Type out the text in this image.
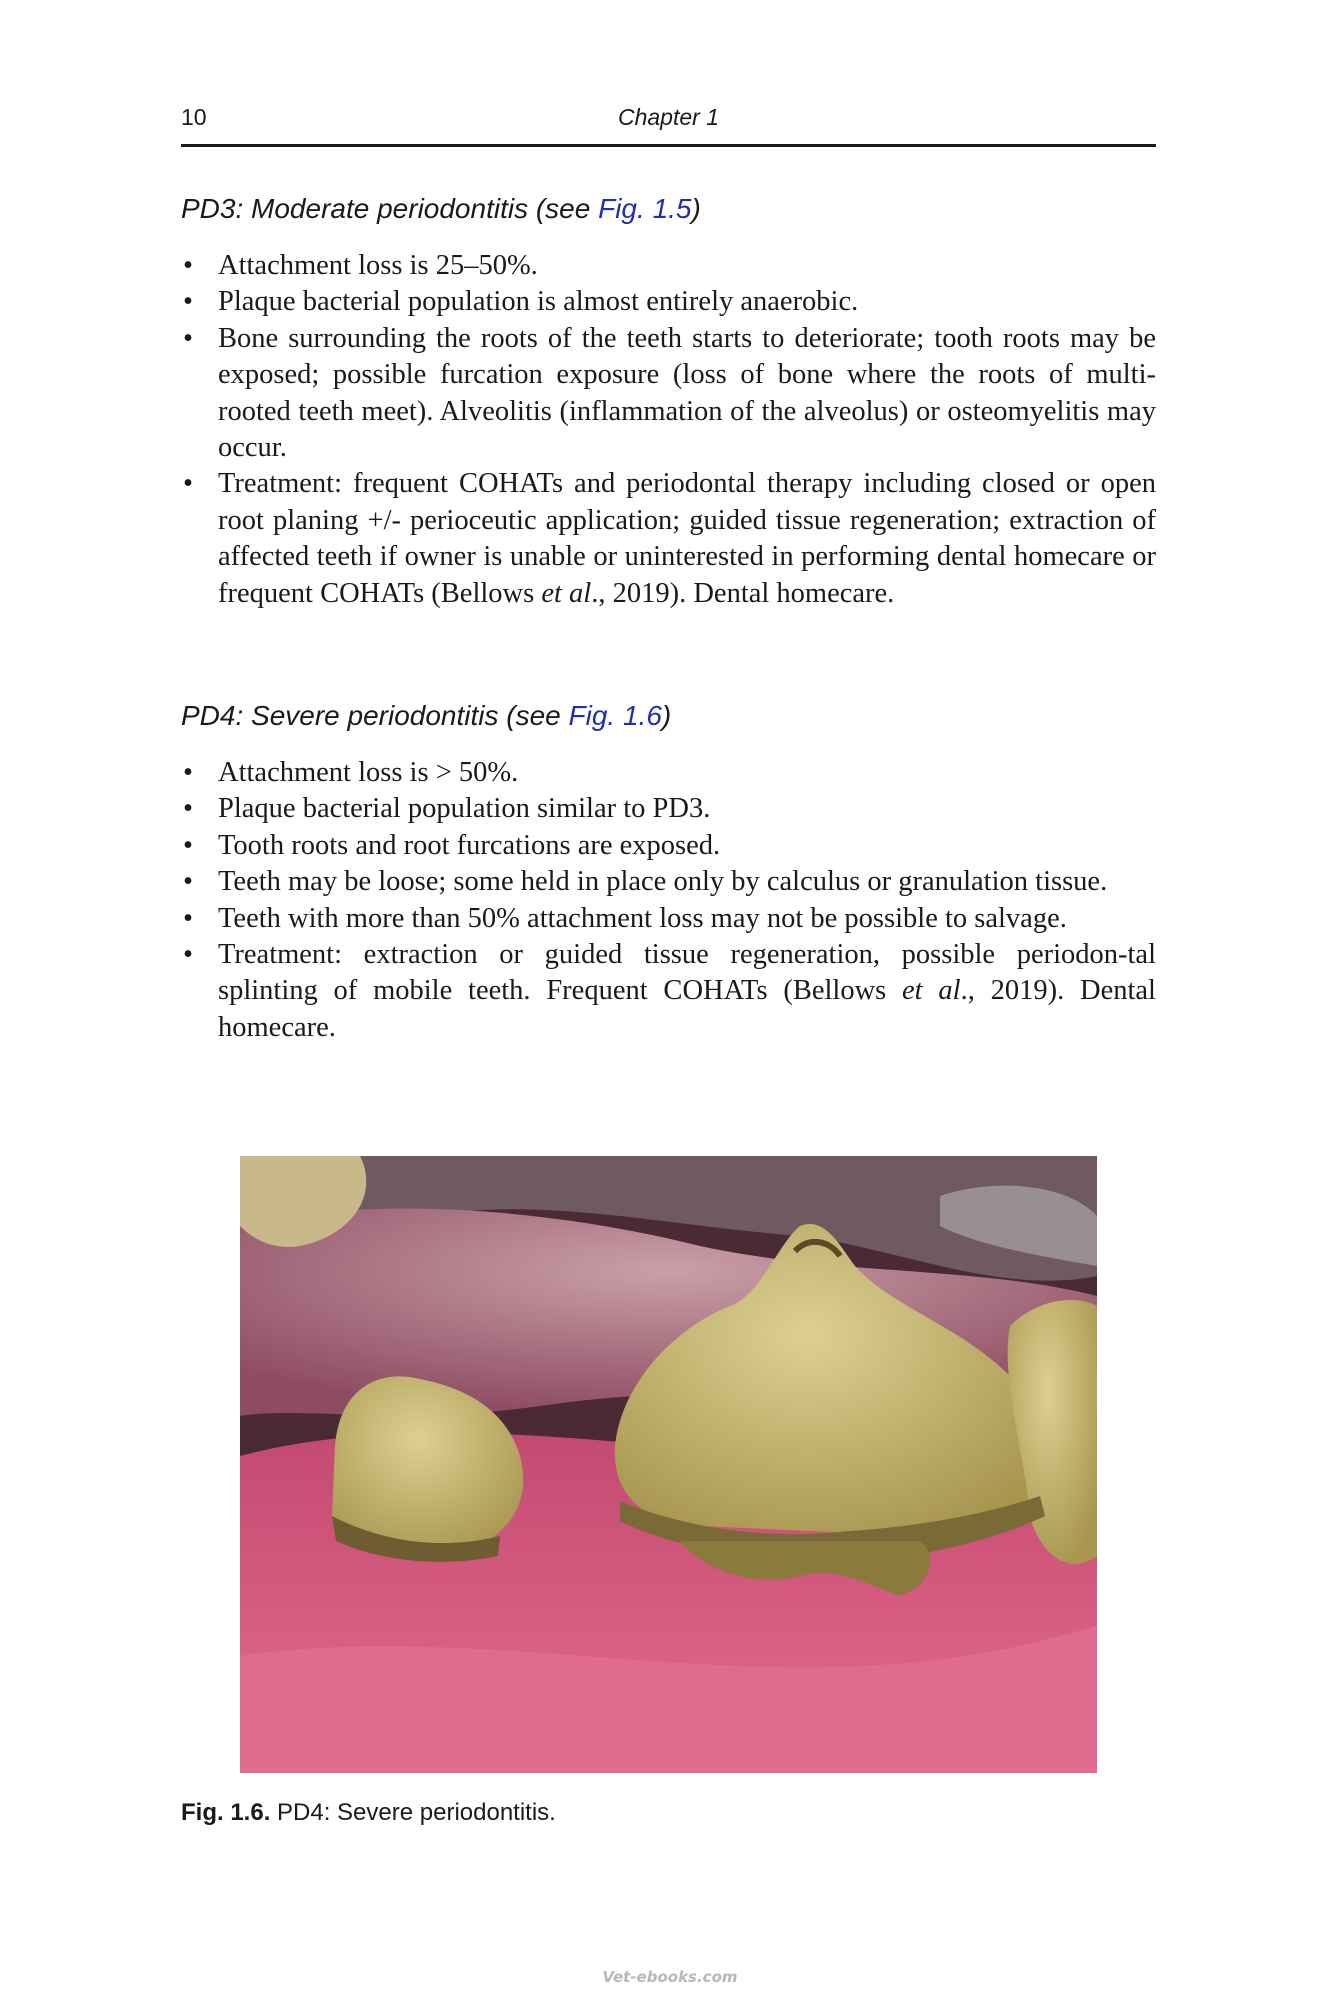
10	Chapter 1
PD3: Moderate periodontitis (see Fig. 1.5)
• Attachment loss is 25–50%.
• Plaque bacterial population is almost entirely anaerobic.
• Bone surrounding the roots of the teeth starts to deteriorate; tooth roots may be exposed; possible furcation exposure (loss of bone where the roots of multi-rooted teeth meet). Alveolitis (inflammation of the alveolus) or osteomyelitis may occur.
• Treatment: frequent COHATs and periodontal therapy including closed or open root planing +/- perioceutic application; guided tissue regeneration; extraction of affected teeth if owner is unable or uninterested in performing dental homecare or frequent COHATs (Bellows et al., 2019). Dental homecare.
PD4: Severe periodontitis (see Fig. 1.6)
• Attachment loss is > 50%.
• Plaque bacterial population similar to PD3.
• Tooth roots and root furcations are exposed.
• Teeth may be loose; some held in place only by calculus or granulation tissue.
• Teeth with more than 50% attachment loss may not be possible to salvage.
• Treatment: extraction or guided tissue regeneration, possible periodon-tal splinting of mobile teeth. Frequent COHATs (Bellows et al., 2019). Dental homecare.
Fig. 1.6. PD4: Severe periodontitis.
Vet-ebooks.com
